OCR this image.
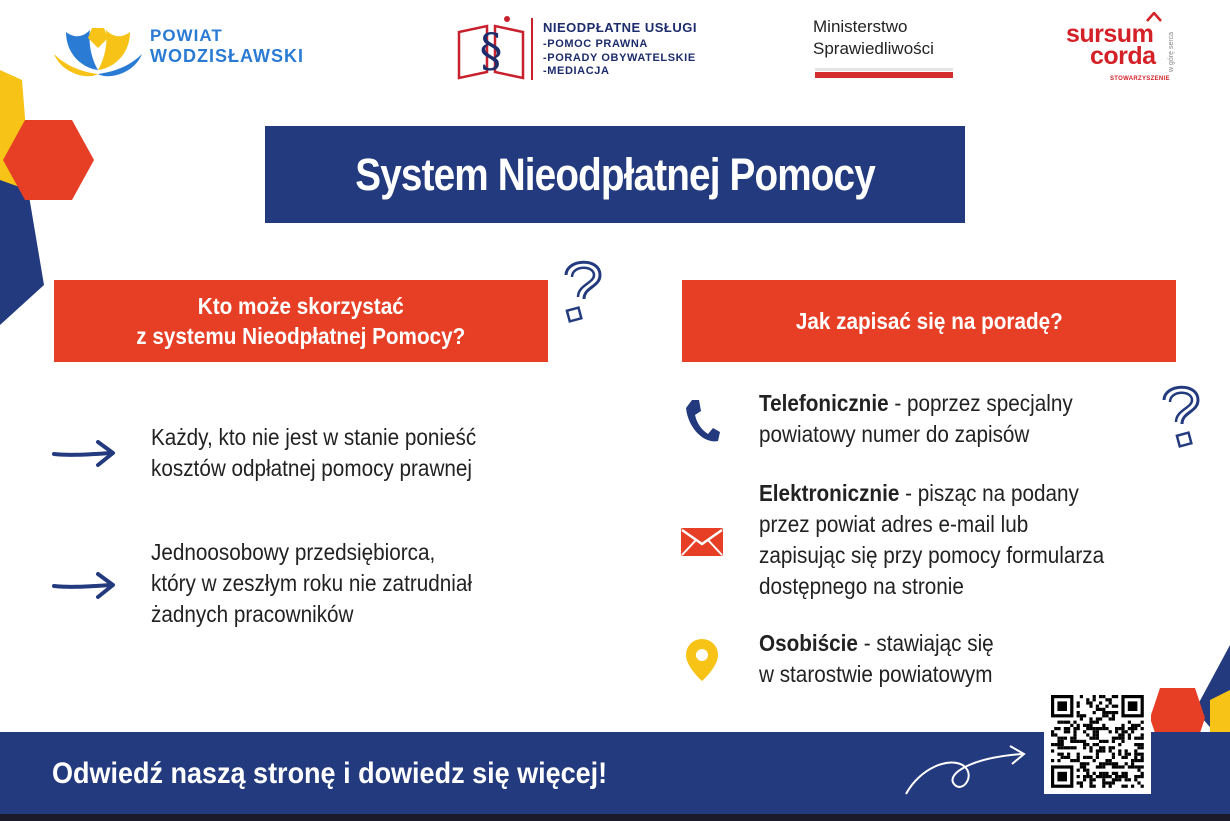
POWIAT
WODZISŁAWSKI	§	NIEODPŁATNE USŁUGI
-POMOC PRAWNA
-PORADY OBYWATELSKIE
-MEDIACJA
Ministerstwo
Sprawiedliwości
sursum
corda
STOWARZYSZENIE
w górę serca
System Nieodpłatnej Pomocy
Kto może skorzystać
z systemu Nieodpłatnej Pomocy?
Jak zapisać się na poradę?
Każdy, kto nie jest w stanie ponieść
kosztów odpłatnej pomocy prawnej
Jednoosobowy przedsiębiorca,
który w zeszłym roku nie zatrudniał
żadnych pracowników
Telefonicznie - poprzez specjalny
powiatowy numer do zapisów
Elektronicznie - pisząc na podany
przez powiat adres e-mail lub
zapisując się przy pomocy formularza
dostępnego na stronie
Osobiście - stawiając się
w starostwie powiatowym
Odwiedź naszą stronę i dowiedz się więcej!
